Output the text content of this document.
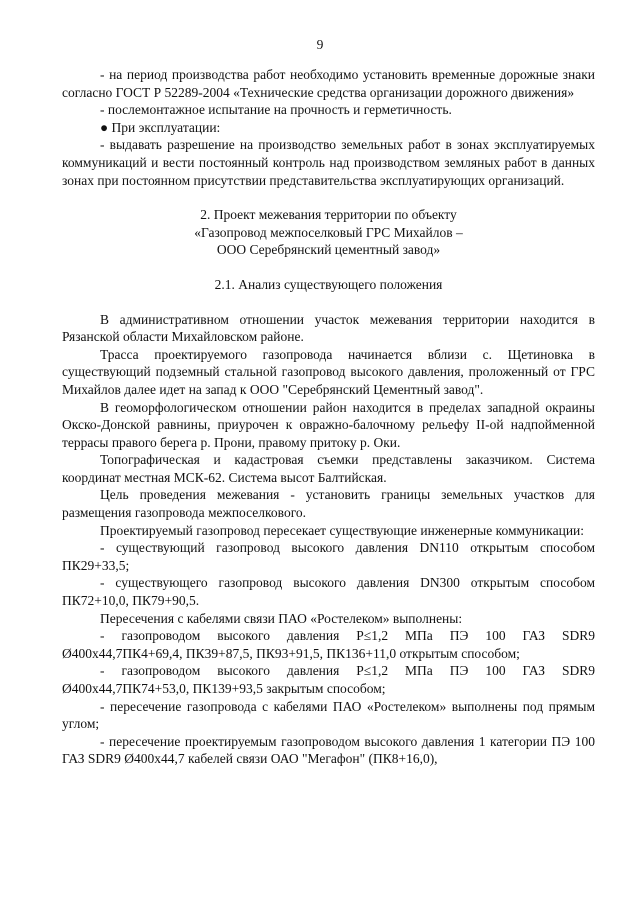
9

- на период производства работ необходимо установить временные дорожные знаки согласно ГОСТ Р 52289-2004 «Технические средства организации дорожного движения»

- послемонтажное испытание на прочность и герметичность.

● При эксплуатации:

- выдавать разрешение на производство земельных работ в зонах эксплуатируемых коммуникаций и вести постоянный контроль над производством земляных работ в данных зонах при постоянном присутствии представительства эксплуатирующих организаций.

2. Проект межевания территории по объекту

«Газопровод межпоселковый ГРС Михайлов –

ООО Серебрянский цементный завод»

2.1. Анализ существующего положения

В административном отношении участок межевания территории находится в Рязанской области Михайловском районе.

Трасса проектируемого газопровода начинается вблизи с. Щетиновка в существующий подземный стальной газопровод высокого давления, проложенный от ГРС Михайлов далее идет на запад к ООО "Серебрянский Цементный завод".

В геоморфологическом отношении район находится в пределах западной окраины Окско-Донской равнины, приурочен к овражно-балочному рельефу II-ой надпойменной террасы правого берега р. Прони, правому притоку р. Оки.

Топографическая и кадастровая съемки представлены заказчиком. Система координат местная МСК-62. Система высот Балтийская.

Цель проведения межевания - установить границы земельных участков для размещения газопровода межпоселкового.

Проектируемый газопровод пересекает существующие инженерные коммуникации:

- существующий газопровод высокого давления DN110 открытым способом ПК29+33,5;

- существующего газопровод высокого давления DN300 открытым способом ПК72+10,0, ПК79+90,5.

Пересечения с кабелями связи ПАО «Ростелеком» выполнены:

- газопроводом высокого давления Р≤1,2 МПа ПЭ 100 ГАЗ SDR9 Ø400х44,7ПК4+69,4, ПК39+87,5, ПК93+91,5, ПК136+11,0 открытым способом;

- газопроводом высокого давления Р≤1,2 МПа ПЭ 100 ГАЗ SDR9 Ø400х44,7ПК74+53,0, ПК139+93,5 закрытым способом;

- пересечение газопровода с кабелями ПАО «Ростелеком» выполнены под прямым углом;

- пересечение проектируемым газопроводом высокого давления 1 категории ПЭ 100 ГАЗ SDR9 Ø400х44,7 кабелей связи ОАО "Мегафон" (ПК8+16,0),
